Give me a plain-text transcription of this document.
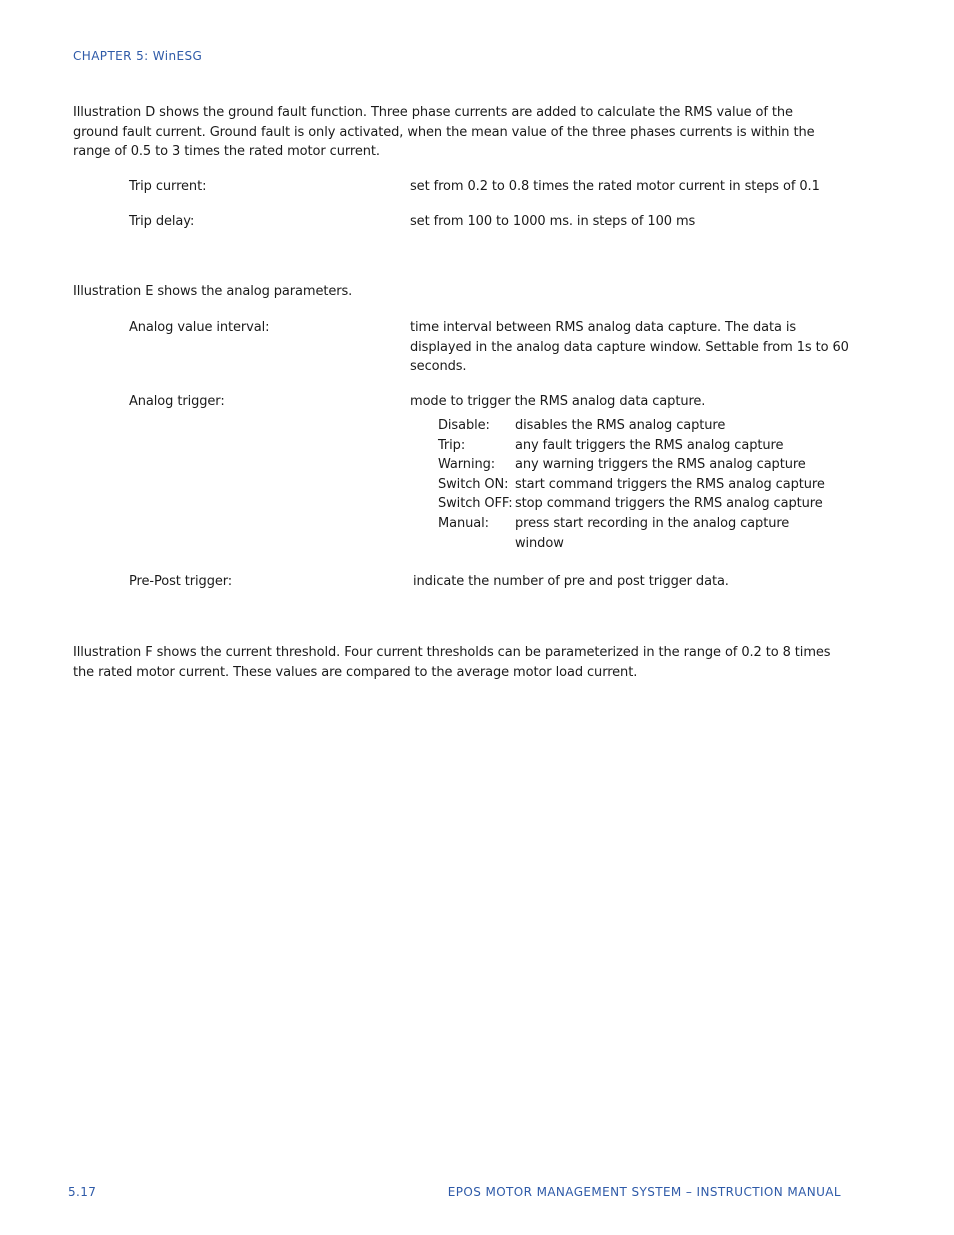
CHAPTER 5: WinESG
Illustration D shows the ground fault function. Three phase currents are added to calculate the RMS value of the ground fault current. Ground fault is only activated, when the mean value of the three phases currents is within the range of 0.5 to 3 times the rated motor current.
Trip current:	set from 0.2 to 0.8 times the rated motor current in steps of 0.1
Trip delay:	set from 100 to 1000 ms. in steps of 100 ms
Illustration E shows the analog parameters.
Analog value interval:	time interval between RMS analog data capture. The data is displayed in the analog data capture window. Settable from 1s to 60 seconds.
Analog trigger:	mode to trigger the RMS analog data capture.
Disable: disables the RMS analog capture
Trip:	any fault triggers the RMS analog capture
Warning: any warning triggers the RMS analog capture
Switch ON: start command triggers the RMS analog capture
Switch OFF: stop command triggers the RMS analog capture
Manual: press start recording in the analog capture window
Pre-Post trigger:	indicate the number of pre and post trigger data.
Illustration F shows the current threshold. Four current thresholds can be parameterized in the range of 0.2 to 8 times the rated motor current. These values are compared to the average motor load current.
5.17	EPOS MOTOR MANAGEMENT SYSTEM – INSTRUCTION MANUAL
